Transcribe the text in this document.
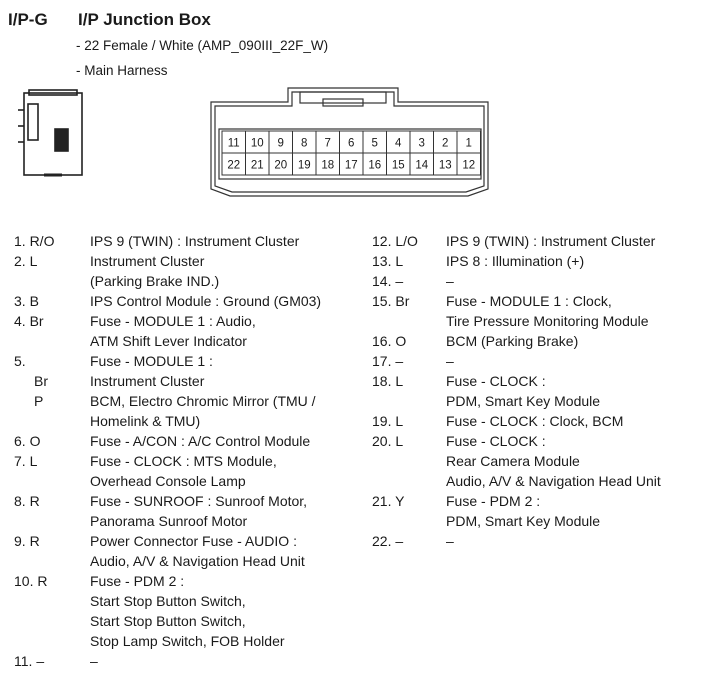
I/P-G I/P Junction Box
- 22 Female / White (AMP_090III_22F_W)
- Main Harness
11 10 9 8 7 6 5 4 3 2 1
22 21 20 19 18 17 16 15 14 13 12
1. R/O	IPS 9 (TWIN) : Instrument Cluster
2. L	Instrument Cluster
(Parking Brake IND.)
3. B	IPS Control Module : Ground (GM03)
4. Br	Fuse - MODULE 1 : Audio,
ATM Shift Lever Indicator
5.	Fuse - MODULE 1 :
Br	Instrument Cluster
P	BCM, Electro Chromic Mirror (TMU /
Homelink & TMU)
6. O	Fuse - A/CON : A/C Control Module
7. L	Fuse - CLOCK : MTS Module,
Overhead Console Lamp
8. R	Fuse - SUNROOF : Sunroof Motor,
Panorama Sunroof Motor
9. R	Power Connector Fuse - AUDIO :
Audio, A/V & Navigation Head Unit
10. R	Fuse - PDM 2 :
Start Stop Button Switch,
Start Stop Button Switch,
Stop Lamp Switch, FOB Holder
11. –	–
12. L/O IPS 9 (TWIN) : Instrument Cluster
13. L	IPS 8 : Illumination (+)
14. –	–
15. Br	Fuse - MODULE 1 : Clock,
Tire Pressure Monitoring Module
16. O	BCM (Parking Brake)
17. –	–
18. L	Fuse - CLOCK :
PDM, Smart Key Module
19. L	Fuse - CLOCK : Clock, BCM
20. L	Fuse - CLOCK :
Rear Camera Module
Audio, A/V & Navigation Head Unit
21. Y	Fuse - PDM 2 :
PDM, Smart Key Module
22. –	–
